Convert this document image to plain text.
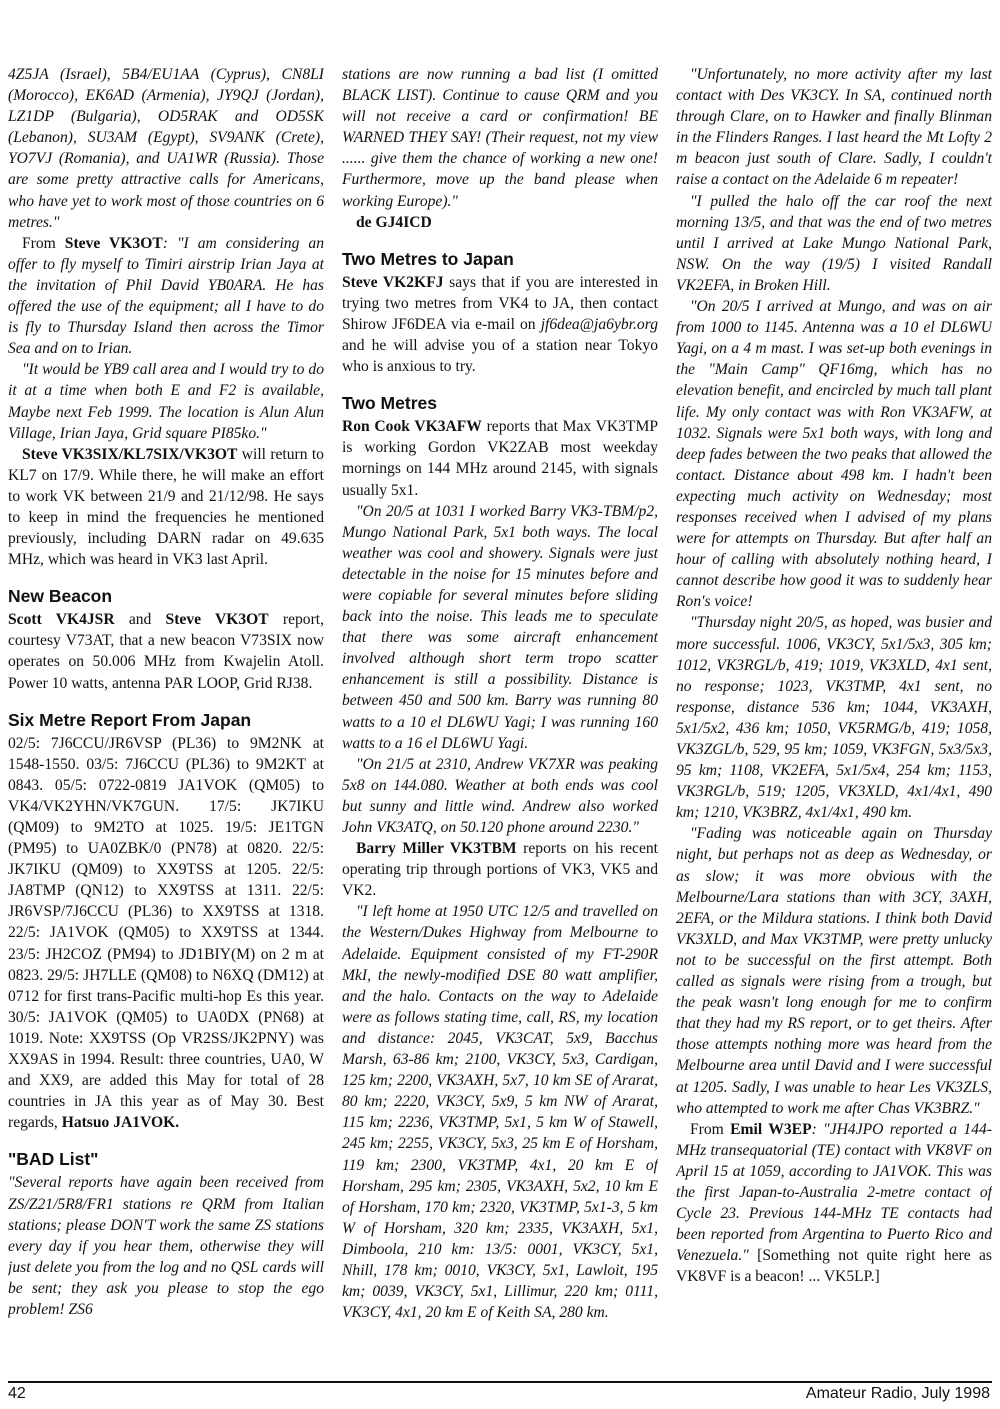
4Z5JA (Israel), 5B4/EU1AA (Cyprus), CN8LI (Morocco), EK6AD (Armenia), JY9QJ (Jordan), LZ1DP (Bulgaria), OD5RAK and OD5SK (Lebanon), SU3AM (Egypt), SV9ANK (Crete), YO7VJ (Romania), and UA1WR (Russia). Those are some pretty attractive calls for Americans, who have yet to work most of those countries on 6 metres."

From Steve VK3OT: "I am considering an offer to fly myself to Timiri airstrip Irian Jaya at the invitation of Phil David YB0ARA. He has offered the use of the equipment; all I have to do is fly to Thursday Island then across the Timor Sea and on to Irian.

"It would be YB9 call area and I would try to do it at a time when both E and F2 is available, Maybe next Feb 1999. The location is Alun Alun Village, Irian Jaya, Grid square PI85ko."

Steve VK3SIX/KL7SIX/VK3OT will return to KL7 on 17/9. While there, he will make an effort to work VK between 21/9 and 21/12/98. He says to keep in mind the frequencies he mentioned previously, including DARN radar on 49.635 MHz, which was heard in VK3 last April.

New Beacon

Scott VK4JSR and Steve VK3OT report, courtesy V73AT, that a new beacon V73SIX now operates on 50.006 MHz from Kwajelin Atoll. Power 10 watts, antenna PAR LOOP, Grid RJ38.

Six Metre Report From Japan

02/5: 7J6CCU/JR6VSP (PL36) to 9M2NK at 1548-1550. 03/5: 7J6CCU (PL36) to 9M2KT at 0843. 05/5: 0722-0819 JA1VOK (QM05) to VK4/VK2YHN/VK7GUN. 17/5: JK7IKU (QM09) to 9M2TO at 1025. 19/5: JE1TGN (PM95) to UA0ZBK/0 (PN78) at 0820. 22/5: JK7IKU (QM09) to XX9TSS at 1205. 22/5: JA8TMP (QN12) to XX9TSS at 1311. 22/5: JR6VSP/7J6CCU (PL36) to XX9TSS at 1318. 22/5: JA1VOK (QM05) to XX9TSS at 1344. 23/5: JH2COZ (PM94) to JD1BIY(M) on 2 m at 0823. 29/5: JH7LLE (QM08) to N6XQ (DM12) at 0712 for first trans-Pacific multi-hop Es this year. 30/5: JA1VOK (QM05) to UA0DX (PN68) at 1019. Note: XX9TSS (Op VR2SS/JK2PNY) was XX9AS in 1994. Result: three countries, UA0, W and XX9, are added this May for total of 28 countries in JA this year as of May 30. Best regards, Hatsuo JA1VOK.

"BAD List"

"Several reports have again been received from ZS/Z21/5R8/FR1 stations re QRM from Italian stations; please DON'T work the same ZS stations every day if you hear them, otherwise they will just delete you from the log and no QSL cards will be sent; they ask you please to stop the ego problem! ZS6

stations are now running a bad list (I omitted BLACK LIST). Continue to cause QRM and you will not receive a card or confirmation! BE WARNED THEY SAY! (Their request, not my view ...... give them the chance of working a new one! Furthermore, move up the band please when working Europe)."

de GJ4ICD

Two Metres to Japan

Steve VK2KFJ says that if you are interested in trying two metres from VK4 to JA, then contact Shirow JF6DEA via e-mail on jf6dea@ja6ybr.org and he will advise you of a station near Tokyo who is anxious to try.

Two Metres

Ron Cook VK3AFW reports that Max VK3TMP is working Gordon VK2ZAB most weekday mornings on 144 MHz around 2145, with signals usually 5x1.

"On 20/5 at 1031 I worked Barry VK3-TBM/p2, Mungo National Park, 5x1 both ways. The local weather was cool and showery. Signals were just detectable in the noise for 15 minutes before and were copiable for several minutes before sliding back into the noise. This leads me to speculate that there was some aircraft enhancement involved although short term tropo scatter enhancement is still a possibility. Distance is between 450 and 500 km. Barry was running 80 watts to a 10 el DL6WU Yagi; I was running 160 watts to a 16 el DL6WU Yagi.

"On 21/5 at 2310, Andrew VK7XR was peaking 5x8 on 144.080. Weather at both ends was cool but sunny and little wind. Andrew also worked John VK3ATQ, on 50.120 phone around 2230."

Barry Miller VK3TBM reports on his recent operating trip through portions of VK3, VK5 and VK2.

"I left home at 1950 UTC 12/5 and travelled on the Western/Dukes Highway from Melbourne to Adelaide. Equipment consisted of my FT-290R MkI, the newly-modified DSE 80 watt amplifier, and the halo. Contacts on the way to Adelaide were as follows stating time, call, RS, my location and distance: 2045, VK3CAT, 5x9, Bacchus Marsh, 63-86 km; 2100, VK3CY, 5x3, Cardigan, 125 km; 2200, VK3AXH, 5x7, 10 km SE of Ararat, 80 km; 2220, VK3CY, 5x9, 5 km NW of Ararat, 115 km; 2236, VK3TMP, 5x1, 5 km W of Stawell, 245 km; 2255, VK3CY, 5x3, 25 km E of Horsham, 119 km; 2300, VK3TMP, 4x1, 20 km E of Horsham, 295 km; 2305, VK3AXH, 5x2, 10 km E of Horsham, 170 km; 2320, VK3TMP, 5x1-3, 5 km W of Horsham, 320 km; 2335, VK3AXH, 5x1, Dimboola, 210 km: 13/5: 0001, VK3CY, 5x1, Nhill, 178 km; 0010, VK3CY, 5x1, Lawloit, 195 km; 0039, VK3CY, 5x1, Lillimur, 220 km; 0111, VK3CY, 4x1, 20 km E of Keith SA, 280 km.

"Unfortunately, no more activity after my last contact with Des VK3CY. In SA, continued north through Clare, on to Hawker and finally Blinman in the Flinders Ranges. I last heard the Mt Lofty 2 m beacon just south of Clare. Sadly, I couldn't raise a contact on the Adelaide 6 m repeater!

"I pulled the halo off the car roof the next morning 13/5, and that was the end of two metres until I arrived at Lake Mungo National Park, NSW. On the way (19/5) I visited Randall VK2EFA, in Broken Hill.

"On 20/5 I arrived at Mungo, and was on air from 1000 to 1145. Antenna was a 10 el DL6WU Yagi, on a 4 m mast. I was set-up both evenings in the "Main Camp" QF16mg, which has no elevation benefit, and encircled by much tall plant life. My only contact was with Ron VK3AFW, at 1032. Signals were 5x1 both ways, with long and deep fades between the two peaks that allowed the contact. Distance about 498 km. I hadn't been expecting much activity on Wednesday; most responses received when I advised of my plans were for attempts on Thursday. But after half an hour of calling with absolutely nothing heard, I cannot describe how good it was to suddenly hear Ron's voice!

"Thursday night 20/5, as hoped, was busier and more successful. 1006, VK3CY, 5x1/5x3, 305 km; 1012, VK3RGL/b, 419; 1019, VK3XLD, 4x1 sent, no response; 1023, VK3TMP, 4x1 sent, no response, distance 536 km; 1044, VK3AXH, 5x1/5x2, 436 km; 1050, VK5RMG/b, 419; 1058, VK3ZGL/b, 529, 95 km; 1059, VK3FGN, 5x3/5x3, 95 km; 1108, VK2EFA, 5x1/5x4, 254 km; 1153, VK3RGL/b, 519; 1205, VK3XLD, 4x1/4x1, 490 km; 1210, VK3BRZ, 4x1/4x1, 490 km.

"Fading was noticeable again on Thursday night, but perhaps not as deep as Wednesday, or as slow; it was more obvious with the Melbourne/Lara stations than with 3CY, 3AXH, 2EFA, or the Mildura stations. I think both David VK3XLD, and Max VK3TMP, were pretty unlucky not to be successful on the first attempt. Both called as signals were rising from a trough, but the peak wasn't long enough for me to confirm that they had my RS report, or to get theirs. After those attempts nothing more was heard from the Melbourne area until David and I were successful at 1205. Sadly, I was unable to hear Les VK3ZLS, who attempted to work me after Chas VK3BRZ."

From Emil W3EP: "JH4JPO reported a 144-MHz transequatorial (TE) contact with VK8VF on April 15 at 1059, according to JA1VOK. This was the first Japan-to-Australia 2-metre contact of Cycle 23. Previous 144-MHz TE contacts had been reported from Argentina to Puerto Rico and Venezuela." [Something not quite right here as VK8VF is a beacon! ... VK5LP.]

42	Amateur Radio, July 1998
